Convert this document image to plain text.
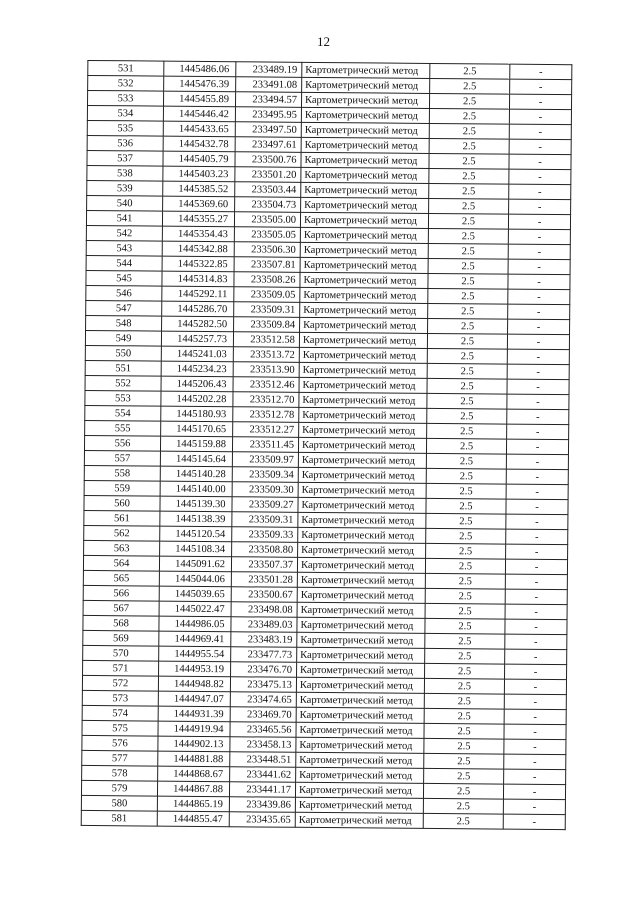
12
531	1445486.06	233489.19	Картометрический метод	2.5	-
532	1445476.39	233491.08	Картометрический метод	2.5	-
533	1445455.89	233494.57	Картометрический метод	2.5	-
534	1445446.42	233495.95	Картометрический метод	2.5	-
535	1445433.65	233497.50	Картометрический метод	2.5	-
536	1445432.78	233497.61	Картометрический метод	2.5	-
537	1445405.79	233500.76	Картометрический метод	2.5	-
538	1445403.23	233501.20	Картометрический метод	2.5	-
539	1445385.52	233503.44	Картометрический метод	2.5	-
540	1445369.60	233504.73	Картометрический метод	2.5	-
541	1445355.27	233505.00	Картометрический метод	2.5	-
542	1445354.43	233505.05	Картометрический метод	2.5	-
543	1445342.88	233506.30	Картометрический метод	2.5	-
544	1445322.85	233507.81	Картометрический метод	2.5	-
545	1445314.83	233508.26	Картометрический метод	2.5	-
546	1445292.11	233509.05	Картометрический метод	2.5	-
547	1445286.70	233509.31	Картометрический метод	2.5	-
548	1445282.50	233509.84	Картометрический метод	2.5	-
549	1445257.73	233512.58	Картометрический метод	2.5	-
550	1445241.03	233513.72	Картометрический метод	2.5	-
551	1445234.23	233513.90	Картометрический метод	2.5	-
552	1445206.43	233512.46	Картометрический метод	2.5	-
553	1445202.28	233512.70	Картометрический метод	2.5	-
554	1445180.93	233512.78	Картометрический метод	2.5	-
555	1445170.65	233512.27	Картометрический метод	2.5	-
556	1445159.88	233511.45	Картометрический метод	2.5	-
557	1445145.64	233509.97	Картометрический метод	2.5	-
558	1445140.28	233509.34	Картометрический метод	2.5	-
559	1445140.00	233509.30	Картометрический метод	2.5	-
560	1445139.30	233509.27	Картометрический метод	2.5	-
561	1445138.39	233509.31	Картометрический метод	2.5	-
562	1445120.54	233509.33	Картометрический метод	2.5	-
563	1445108.34	233508.80	Картометрический метод	2.5	-
564	1445091.62	233507.37	Картометрический метод	2.5	-
565	1445044.06	233501.28	Картометрический метод	2.5	-
566	1445039.65	233500.67	Картометрический метод	2.5	-
567	1445022.47	233498.08	Картометрический метод	2.5	-
568	1444986.05	233489.03	Картометрический метод	2.5	-
569	1444969.41	233483.19	Картометрический метод	2.5	-
570	1444955.54	233477.73	Картометрический метод	2.5	-
571	1444953.19	233476.70	Картометрический метод	2.5	-
572	1444948.82	233475.13	Картометрический метод	2.5	-
573	1444947.07	233474.65	Картометрический метод	2.5	-
574	1444931.39	233469.70	Картометрический метод	2.5	-
575	1444919.94	233465.56	Картометрический метод	2.5	-
576	1444902.13	233458.13	Картометрический метод	2.5	-
577	1444881.88	233448.51	Картометрический метод	2.5	-
578	1444868.67	233441.62	Картометрический метод	2.5	-
579	1444867.88	233441.17	Картометрический метод	2.5	-
580	1444865.19	233439.86	Картометрический метод	2.5	-
581	1444855.47	233435.65	Картометрический метод	2.5	-
